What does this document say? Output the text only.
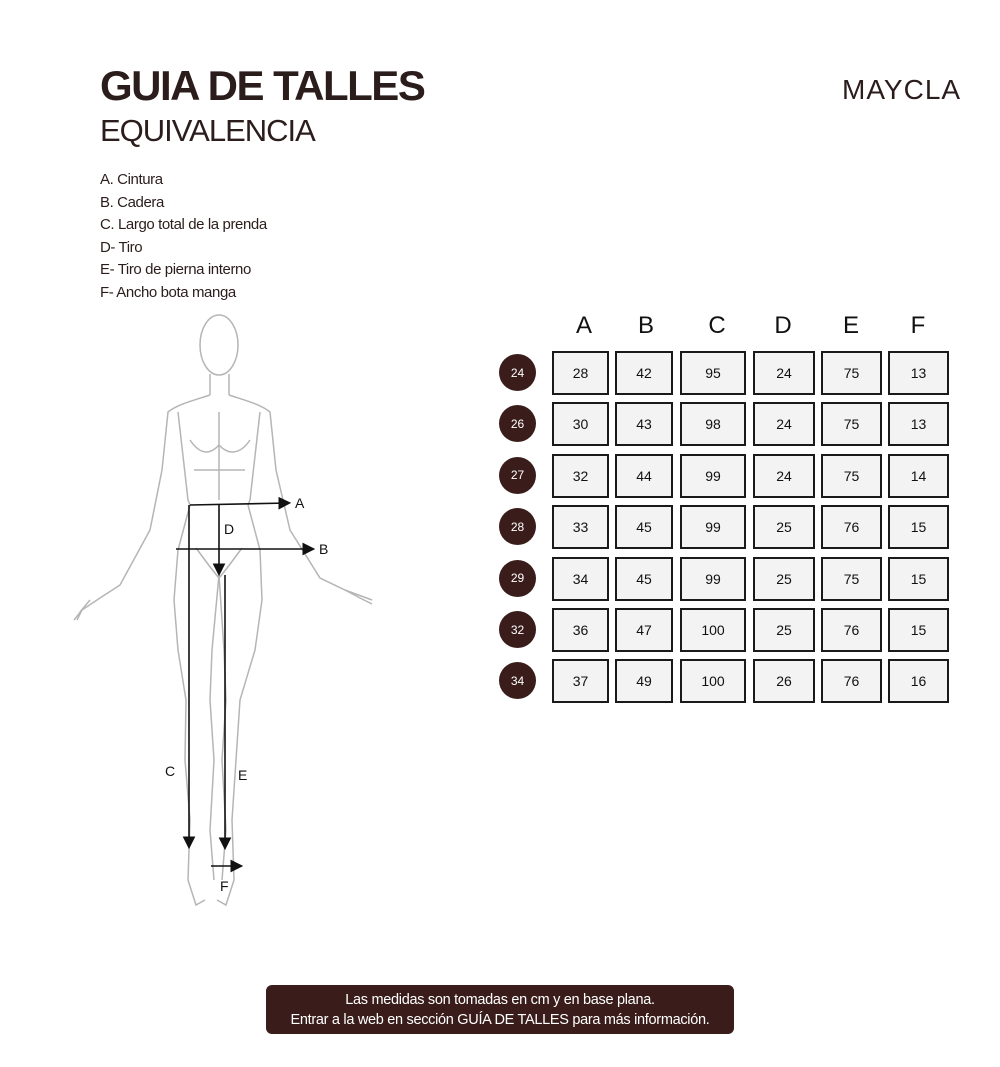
GUIA DE TALLES
EQUIVALENCIA
MAYCLA
A. Cintura
B. Cadera
C. Largo total de la prenda
D- Tiro
E- Tiro de pierna interno
F- Ancho bota manga
A
B
C
D
E
F
A	B	C	D	E	F
24	28	42	95	24	75	13
26	30	43	98	24	75	13
27	32	44	99	24	75	14
28	33	45	99	25	76	15
29	34	45	99	25	75	15
32	36	47	100	25	76	15
34	37	49	100	26	76	16
Las medidas son tomadas en cm y en base plana.
Entrar a la web en sección GUÍA DE TALLES para más información.
